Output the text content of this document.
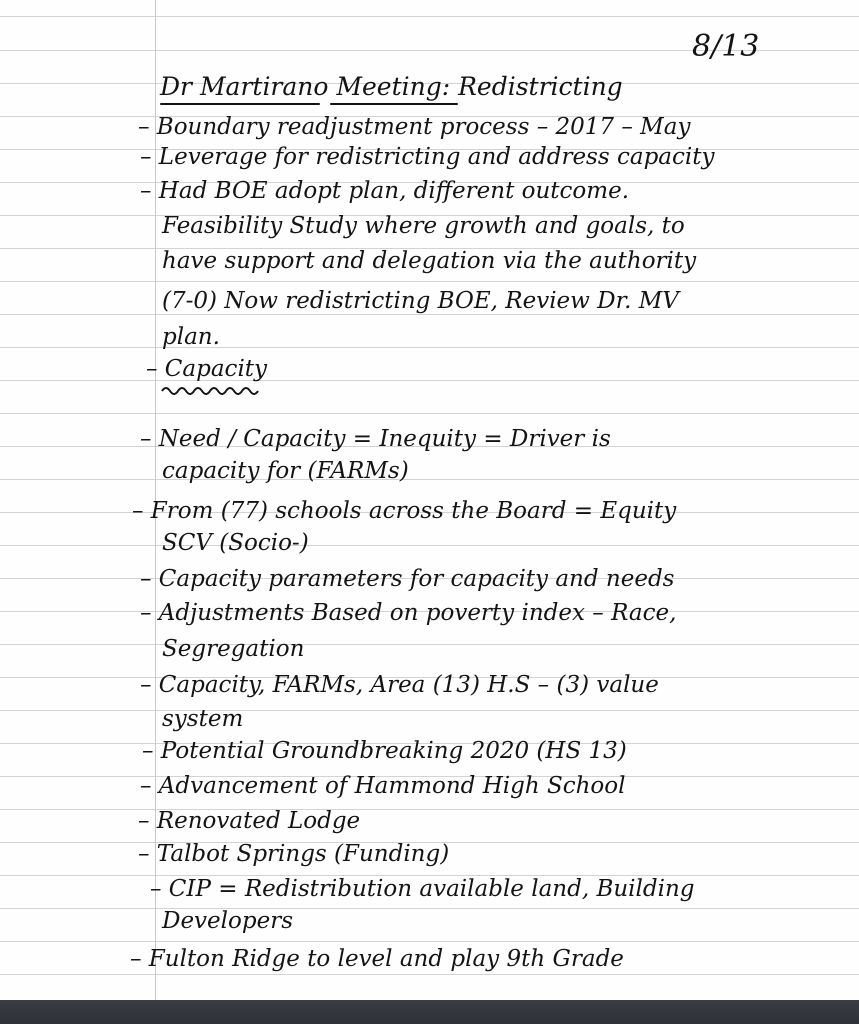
8/13
Dr Martirano Meeting: Redistricting
– Boundary readjustment process – 2017 – May
– Leverage for redistricting and address capacity
– Had BOE adopt plan, different outcome.
Feasibility Study where growth and goals, to
have support and delegation via the authority
(7-0) Now redistricting BOE, Review Dr. MV
plan.
– Capacity
– Need / Capacity = Inequity = Driver is
capacity for (FARMs)
– From (77) schools across the Board = Equity
SCV (Socio-)
– Capacity parameters for capacity and needs
– Adjustments Based on poverty index – Race,
Segregation
– Capacity, FARMs, Area (13) H.S – (3) value
system
– Potential Groundbreaking 2020 (HS 13)
– Advancement of Hammond High School
– Renovated Lodge
– Talbot Springs (Funding)
– CIP = Redistribution available land, Building
Developers
– Fulton Ridge to level and play 9th Grade
